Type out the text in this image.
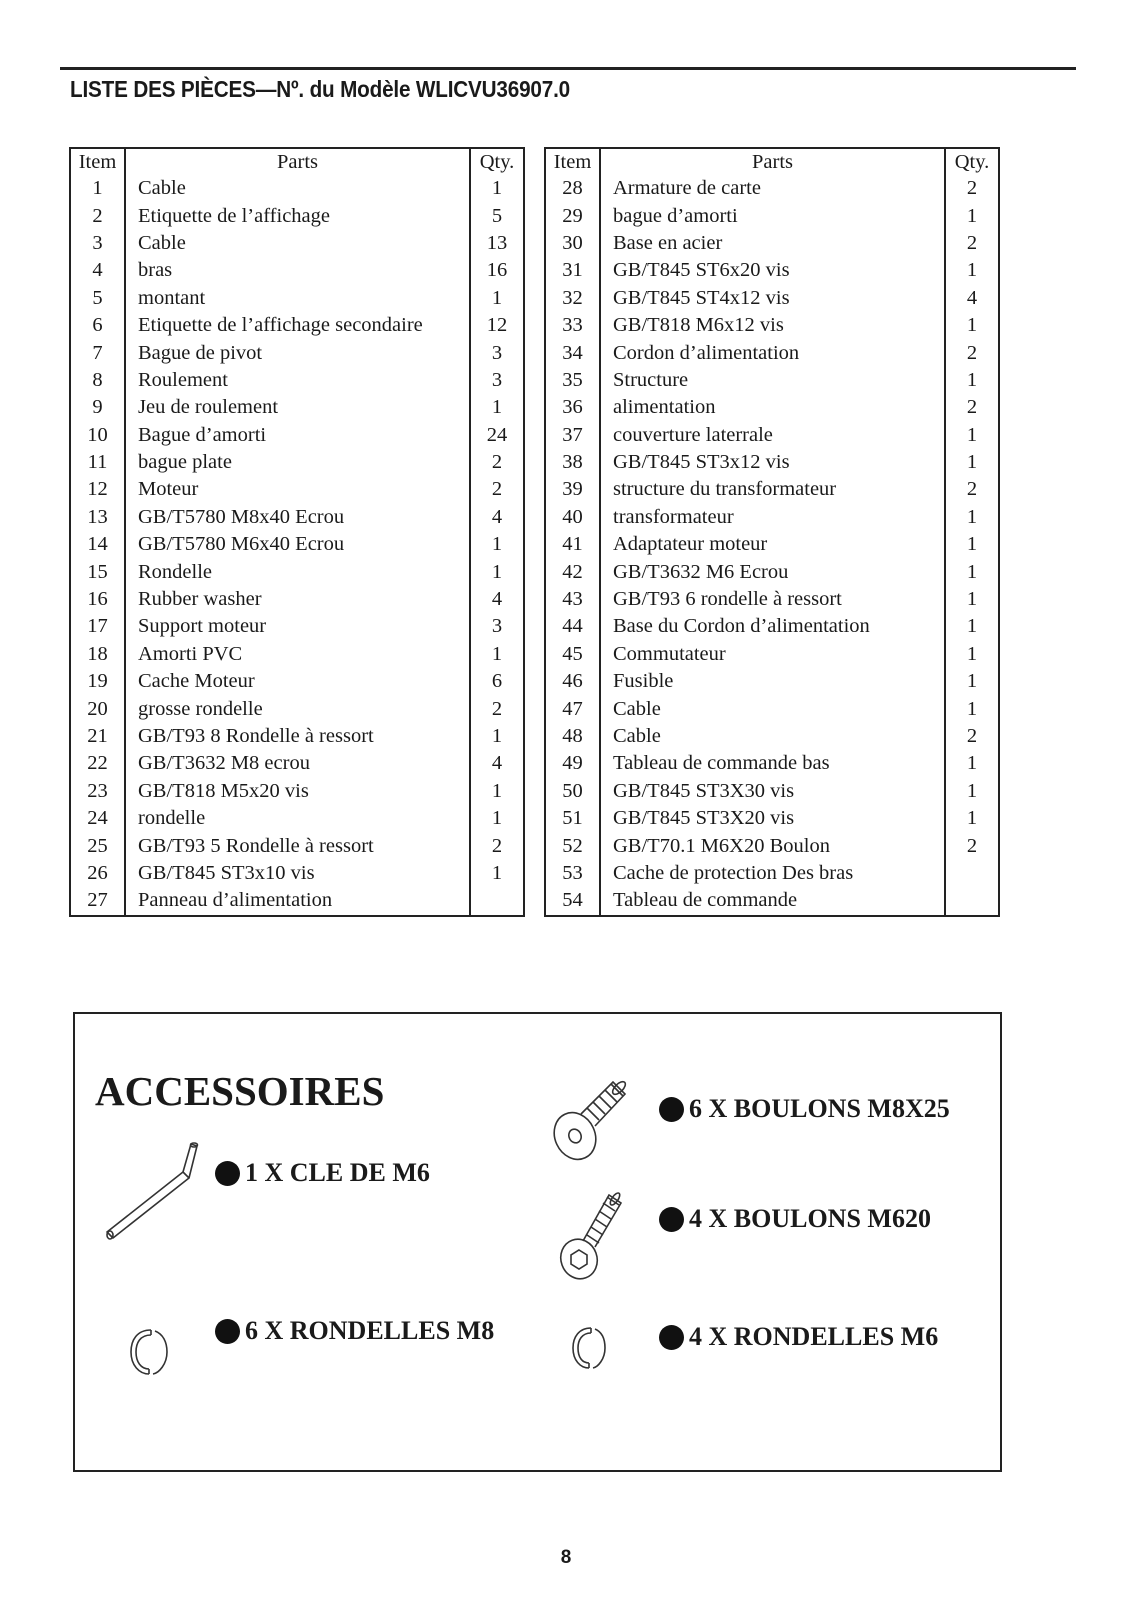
LISTE DES PIÈCES—Nº. du Modèle WLICVU36907.0
Item	Parts	Qty.
1	Cable	1
2	Etiquette de l’affichage	5
3	Cable	13
4	bras	16
5	montant	1
6	Etiquette de l’affichage secondaire	12
7	Bague de pivot	3
8	Roulement	3
9	Jeu de roulement	1
10	Bague d’amorti	24
11	bague plate	2
12	Moteur	2
13	GB/T5780 M8x40 Ecrou	4
14	GB/T5780 M6x40 Ecrou	1
15	Rondelle	1
16	Rubber washer	4
17	Support moteur	3
18	Amorti PVC	1
19	Cache Moteur	6
20	grosse rondelle	2
21	GB/T93 8 Rondelle à ressort	1
22	GB/T3632 M8 ecrou	4
23	GB/T818 M5x20 vis	1
24	rondelle	1
25	GB/T93 5 Rondelle à ressort	2
26	GB/T845 ST3x10 vis	1
27	Panneau d’alimentation	
Item	Parts	Qty.
28	Armature de carte	2
29	bague d’amorti	1
30	Base en acier	2
31	GB/T845 ST6x20 vis	1
32	GB/T845 ST4x12 vis	4
33	GB/T818 M6x12 vis	1
34	Cordon d’alimentation	2
35	Structure	1
36	alimentation	2
37	couverture laterrale	1
38	GB/T845 ST3x12 vis	1
39	structure du transformateur	2
40	transformateur	1
41	Adaptateur moteur	1
42	GB/T3632 M6 Ecrou	1
43	GB/T93 6 rondelle à ressort	1
44	Base du Cordon d’alimentation	1
45	Commutateur	1
46	Fusible	1
47	Cable	1
48	Cable	2
49	Tableau de commande bas	1
50	GB/T845 ST3X30 vis	1
51	GB/T845 ST3X20 vis	1
52	GB/T70.1 M6X20 Boulon	2
53	Cache de protection Des bras	
54	Tableau de commande	
ACCESSOIRES
1 X CLE DE M6
6 X RONDELLES M8
6 X BOULONS M8X25
4 X BOULONS M620
4 X RONDELLES M6
8
